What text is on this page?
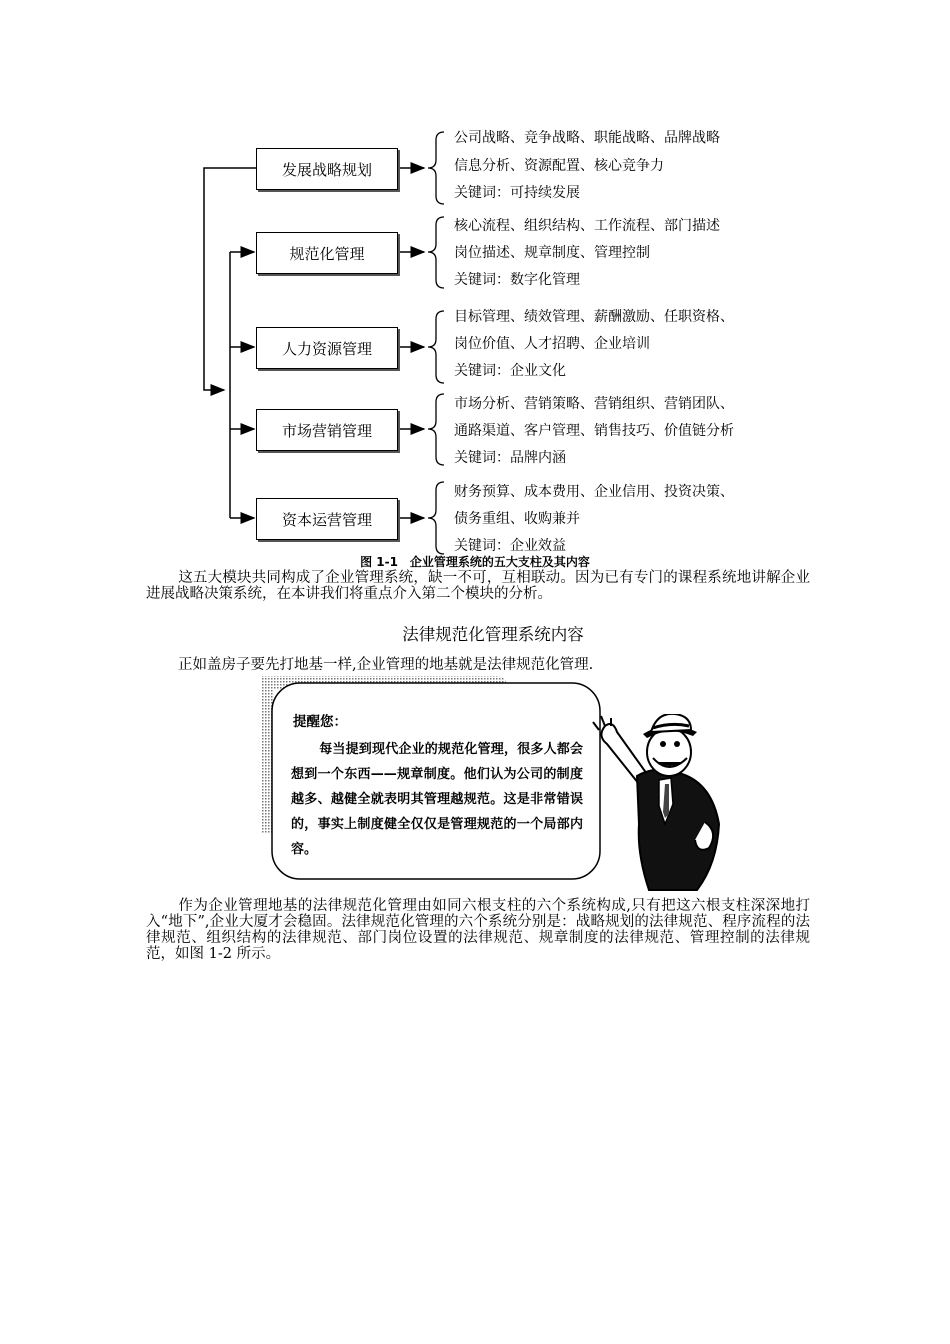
发展战略规划
规范化管理
人力资源管理
市场营销管理
资本运营管理
公司战略、竞争战略、职能战略、品牌战略
信息分析、资源配置、核心竞争力
关键词：可持续发展
核心流程、组织结构、工作流程、部门描述
岗位描述、规章制度、管理控制
关键词：数字化管理
目标管理、绩效管理、薪酬激励、任职资格、
岗位价值、人才招聘、企业培训
关键词：企业文化
市场分析、营销策略、营销组织、营销团队、
通路渠道、客户管理、销售技巧、价值链分析
关键词：品牌内涵
财务预算、成本费用、企业信用、投资决策、
债务重组、收购兼并
关键词：企业效益
图 1-1　企业管理系统的五大支柱及其内容
这五大模块共同构成了企业管理系统，缺一不可，互相联动。因为已有专门的课程系统地讲解企业进展战略决策系统，在本讲我们将重点介入第二个模块的分析。
法律规范化管理系统内容
正如盖房子要先打地基一样,企业管理的地基就是法律规范化管理.
提醒您：
每当提到现代企业的规范化管理，很多人都会想到一个东西——规章制度。他们认为公司的制度越多、越健全就表明其管理越规范。这是非常错误的，事实上制度健全仅仅是管理规范的一个局部内容。
作为企业管理地基的法律规范化管理由如同六根支柱的六个系统构成,只有把这六根支柱深深地打入“地下”,企业大厦才会稳固。法律规范化管理的六个系统分别是：战略规划的法律规范、程序流程的法律规范、组织结构的法律规范、部门岗位设置的法律规范、规章制度的法律规范、管理控制的法律规范，如图 1-2 所示。
